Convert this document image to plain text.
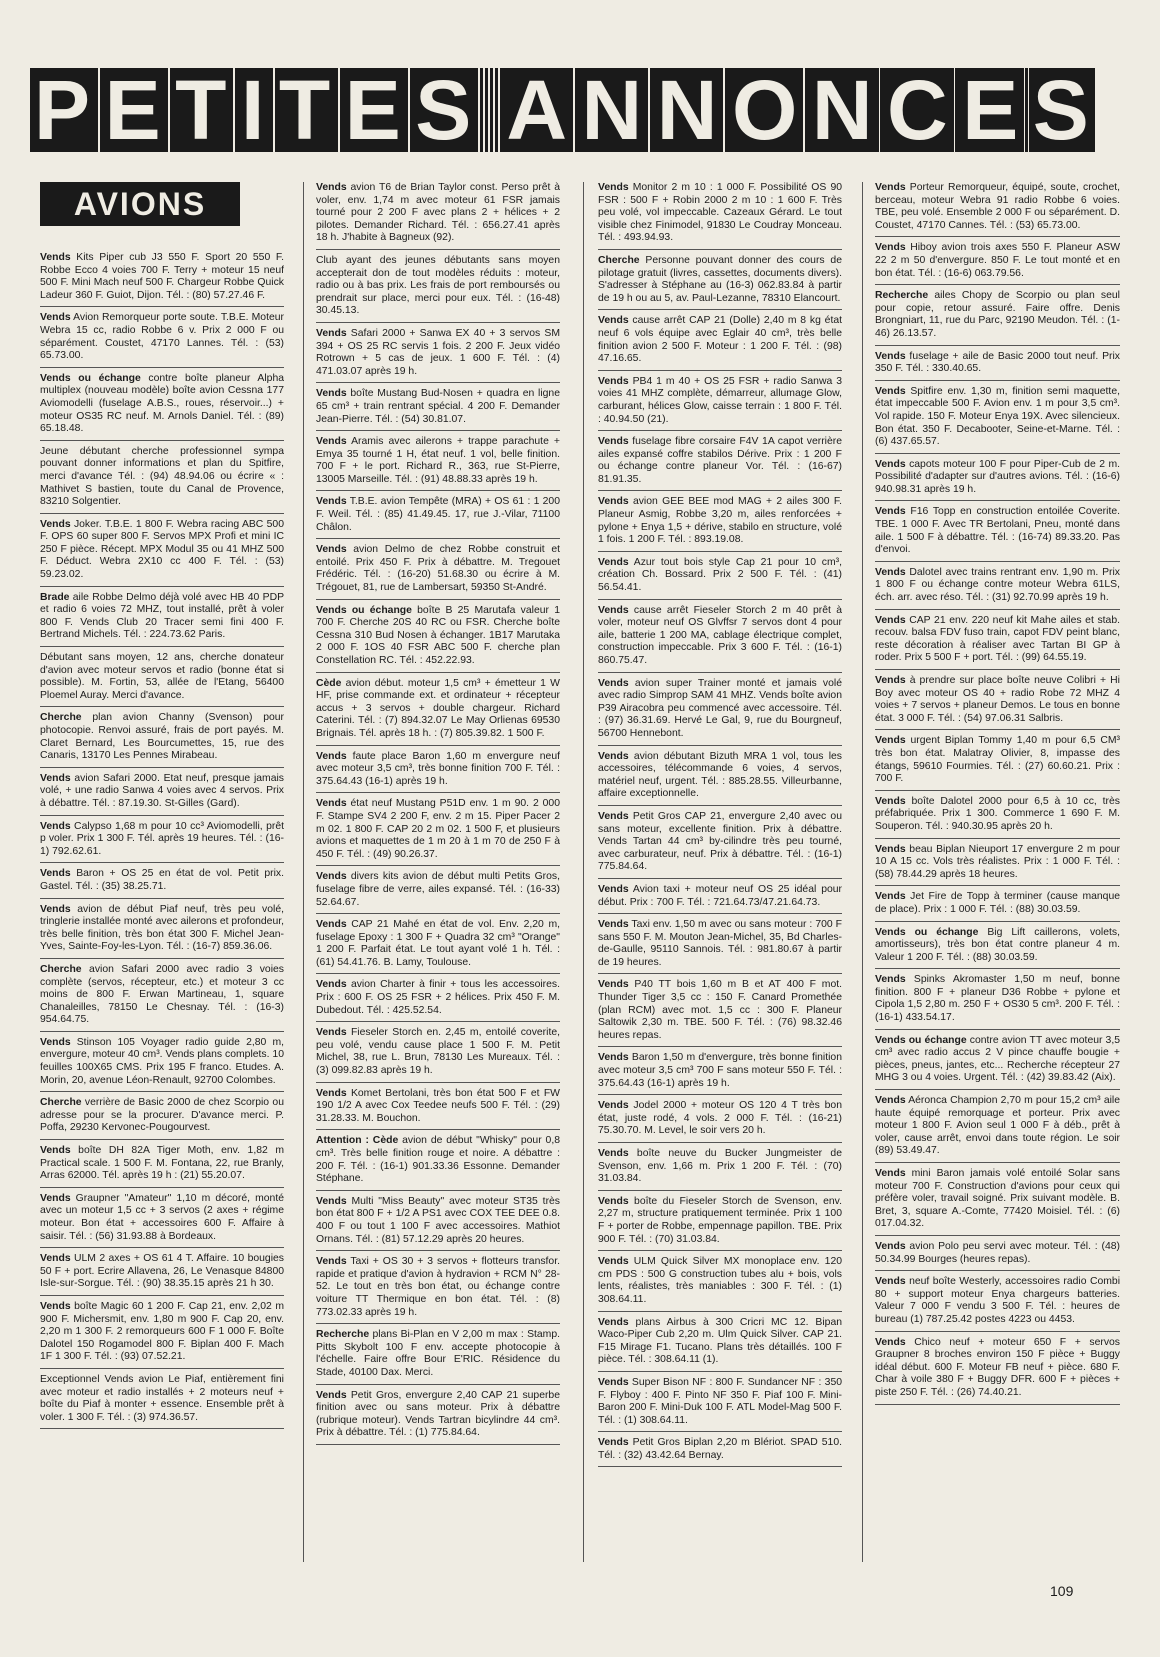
P E T I T E S A N N O N C E S
AVIONS
Vends Kits Piper cub J3 550 F. Sport 20 550 F. Robbe Ecco 4 voies 700 F. Terry + moteur 15 neuf 500 F. Mini Mach neuf 500 F. Chargeur Robbe Quick Ladeur 360 F. Guiot, Dijon. Tél. : (80) 57.27.46 F.
Vends Avion Remorqueur porte soute. T.B.E. Moteur Webra 15 cc, radio Robbe 6 v. Prix 2 000 F ou séparément. Coustet, 47170 Lannes. Tél. : (53) 65.73.00.
Vends ou échange contre boîte planeur Alpha multiplex (nouveau modèle) boîte avion Cessna 177 Aviomodelli (fuselage A.B.S., roues, réservoir...) + moteur OS35 RC neuf. M. Arnols Daniel. Tél. : (89) 65.18.48.
Jeune débutant cherche professionnel sympa pouvant donner informations et plan du Spitfire, merci d'avance Tél. : (94) 48.94.06 ou écrire « : Mathivet S bastien, toute du Canal de Provence, 83210 Solgentier.
Vends Joker. T.B.E. 1 800 F. Webra racing ABC 500 F. OPS 60 super 800 F. Servos MPX Profi et mini IC 250 F pièce. Récept. MPX Modul 35 ou 41 MHZ 500 F. Déduct. Webra 2X10 cc 400 F. Tél. : (53) 59.23.02.
Brade aile Robbe Delmo déjà volé avec HB 40 PDP et radio 6 voies 72 MHZ, tout installé, prêt à voler 800 F. Vends Club 20 Tracer semi fini 400 F. Bertrand Michels. Tél. : 224.73.62 Paris.
Débutant sans moyen, 12 ans, cherche donateur d'avion avec moteur servos et radio (bonne état si possible). M. Fortin, 53, allée de l'Etang, 56400 Ploemel Auray. Merci d'avance.
Cherche plan avion Channy (Svenson) pour photocopie. Renvoi assuré, frais de port payés. M. Claret Bernard, Les Bourcumettes, 15, rue des Canaris, 13170 Les Pennes Mirabeau.
Vends avion Safari 2000. Etat neuf, presque jamais volé, + une radio Sanwa 4 voies avec 4 servos. Prix à débattre. Tél. : 87.19.30. St-Gilles (Gard).
Vends Calypso 1,68 m pour 10 cc³ Aviomodelli, prêt p voler. Prix 1 300 F. Tél. après 19 heures. Tél. : (16-1) 792.62.61.
Vends Baron + OS 25 en état de vol. Petit prix. Gastel. Tél. : (35) 38.25.71.
Vends avion de début Piaf neuf, très peu volé, tringlerie installée monté avec ailerons et profondeur, très belle finition, très bon état 300 F. Michel Jean-Yves, Sainte-Foy-les-Lyon. Tél. : (16-7) 859.36.06.
Cherche avion Safari 2000 avec radio 3 voies complète (servos, récepteur, etc.) et moteur 3 cc moins de 800 F. Erwan Martineau, 1, square Chanaleilles, 78150 Le Chesnay. Tél. : (16-3) 954.64.75.
Vends Stinson 105 Voyager radio guide 2,80 m, envergure, moteur 40 cm³. Vends plans complets. 10 feuilles 100X65 CMS. Prix 195 F franco. Etudes. A. Morin, 20, avenue Léon-Renault, 92700 Colombes.
Cherche verrière de Basic 2000 de chez Scorpio ou adresse pour se la procurer. D'avance merci. P. Poffa, 29230 Kervonec-Pougourvest.
Vends boîte DH 82A Tiger Moth, env. 1,82 m Practical scale. 1 500 F. M. Fontana, 22, rue Branly, Arras 62000. Tél. après 19 h : (21) 55.20.07.
Vends Graupner "Amateur" 1,10 m décoré, monté avec un moteur 1,5 cc + 3 servos (2 axes + régime moteur. Bon état + accessoires 600 F. Affaire à saisir. Tél. : (56) 31.93.88 à Bordeaux.
Vends ULM 2 axes + OS 61 4 T. Affaire. 10 bougies 50 F + port. Ecrire Allavena, 26, Le Venasque 84800 Isle-sur-Sorgue. Tél. : (90) 38.35.15 après 21 h 30.
Vends boîte Magic 60 1 200 F. Cap 21, env. 2,02 m 900 F. Michersmit, env. 1,80 m 900 F. Cap 20, env. 2,20 m 1 300 F. 2 remorqueurs 600 F 1 000 F. Boîte Dalotel 150 Rogamodel 800 F. Biplan 400 F. Mach 1F 1 300 F. Tél. : (93) 07.52.21.
Exceptionnel Vends avion Le Piaf, entièrement fini avec moteur et radio installés + 2 moteurs neuf + boîte du Piaf à monter + essence. Ensemble prêt à voler. 1 300 F. Tél. : (3) 974.36.57.
Vends avion T6 de Brian Taylor const. Perso prêt à voler, env. 1,74 m avec moteur 61 FSR jamais tourné pour 2 200 F avec plans 2 + hélices + 2 pilotes. Demander Richard. Tél. : 656.27.41 après 18 h. J'habite à Bagneux (92).
Club ayant des jeunes débutants sans moyen accepterait don de tout modèles réduits : moteur, radio ou à bas prix. Les frais de port remboursés ou prendrait sur place, merci pour eux. Tél. : (16-48) 30.45.13.
Vends Safari 2000 + Sanwa EX 40 + 3 servos SM 394 + OS 25 RC servis 1 fois. 2 200 F. Jeux vidéo Rotrown + 5 cas de jeux. 1 600 F. Tél. : (4) 471.03.07 après 19 h.
Vends boîte Mustang Bud-Nosen + quadra en ligne 65 cm³ + train rentrant spécial. 4 200 F. Demander Jean-Pierre. Tél. : (54) 30.81.07.
Vends Aramis avec ailerons + trappe parachute + Emya 35 tourné 1 H, état neuf. 1 vol, belle finition. 700 F + le port. Richard R., 363, rue St-Pierre, 13005 Marseille. Tél. : (91) 48.88.33 après 19 h.
Vends T.B.E. avion Tempête (MRA) + OS 61 : 1 200 F. Weil. Tél. : (85) 41.49.45. 17, rue J.-Vilar, 71100 Châlon.
Vends avion Delmo de chez Robbe construit et entoilé. Prix 450 F. Prix à débattre. M. Tregouet Frédéric. Tél. : (16-20) 51.68.30 ou écrire à M. Trégouet, 81, rue de Lambersart, 59350 St-André.
Vends ou échange boîte B 25 Marutafa valeur 1 700 F. Cherche 20S 40 RC ou FSR. Cherche boîte Cessna 310 Bud Nosen à échanger. 1B17 Marutaka 2 000 F. 1OS 40 FSR ABC 500 F. cherche plan Constellation RC. Tél. : 452.22.93.
Cède avion début. moteur 1,5 cm³ + émetteur 1 W HF, prise commande ext. et ordinateur + récepteur accus + 3 servos + double chargeur. Richard Caterini. Tél. : (7) 894.32.07 Le May Orlienas 69530 Brignais. Tél. après 18 h. : (7) 805.39.82. 1 500 F.
Vends faute place Baron 1,60 m envergure neuf avec moteur 3,5 cm³, très bonne finition 700 F. Tél. : 375.64.43 (16-1) après 19 h.
Vends état neuf Mustang P51D env. 1 m 90. 2 000 F. Stampe SV4 2 200 F, env. 2 m 15. Piper Pacer 2 m 02. 1 800 F. CAP 20 2 m 02. 1 500 F, et plusieurs avions et maquettes de 1 m 20 à 1 m 70 de 250 F à 450 F. Tél. : (49) 90.26.37.
Vends divers kits avion de début multi Petits Gros, fuselage fibre de verre, ailes expansé. Tél. : (16-33) 52.64.67.
Vends CAP 21 Mahé en état de vol. Env. 2,20 m, fuselage Epoxy : 1 300 F + Quadra 32 cm³ "Orange" 1 200 F. Parfait état. Le tout ayant volé 1 h. Tél. : (61) 54.41.76. B. Lamy, Toulouse.
Vends avion Charter à finir + tous les accessoires. Prix : 600 F. OS 25 FSR + 2 hélices. Prix 450 F. M. Dubedout. Tél. : 425.52.54.
Vends Fieseler Storch en. 2,45 m, entoilé coverite, peu volé, vendu cause place 1 500 F. M. Petit Michel, 38, rue L. Brun, 78130 Les Mureaux. Tél. : (3) 099.82.83 après 19 h.
Vends Komet Bertolani, très bon état 500 F et FW 190 1/2 A avec Cox Teedee neufs 500 F. Tél. : (29) 31.28.33. M. Bouchon.
Attention : Cède avion de début "Whisky" pour 0,8 cm³. Très belle finition rouge et noire. A débattre : 200 F. Tél. : (16-1) 901.33.36 Essonne. Demander Stéphane.
Vends Multi "Miss Beauty" avec moteur ST35 très bon état 800 F + 1/2 A PS1 avec COX TEE DEE 0.8. 400 F ou tout 1 100 F avec accessoires. Mathiot Ornans. Tél. : (81) 57.12.29 après 20 heures.
Vends Taxi + OS 30 + 3 servos + flotteurs transfor. rapide et pratique d'avion à hydravion + RCM N° 28-52. Le tout en très bon état, ou échange contre voiture TT Thermique en bon état. Tél. : (8) 773.02.33 après 19 h.
Recherche plans Bi-Plan en V 2,00 m max : Stamp. Pitts Skybolt 100 F env. accepte photocopie à l'échelle. Faire offre Bour E'RIC. Résidence du Stade, 40100 Dax. Merci.
Vends Petit Gros, envergure 2,40 CAP 21 superbe finition avec ou sans moteur. Prix à débattre (rubrique moteur). Vends Tartran bicylindre 44 cm³. Prix à débattre. Tél. : (1) 775.84.64.
Vends Monitor 2 m 10 : 1 000 F. Possibilité OS 90 FSR : 500 F + Robin 2000 2 m 10 : 1 600 F. Très peu volé, vol impeccable. Cazeaux Gérard. Le tout visible chez Finimodel, 91830 Le Coudray Monceau. Tél. : 493.94.93.
Cherche Personne pouvant donner des cours de pilotage gratuit (livres, cassettes, documents divers). S'adresser à Stéphane au (16-3) 062.83.84 à partir de 19 h ou au 5, av. Paul-Lezanne, 78310 Elancourt.
Vends cause arrêt CAP 21 (Dolle) 2,40 m 8 kg état neuf 6 vols équipe avec Eglair 40 cm³, très belle finition avion 2 500 F. Moteur : 1 200 F. Tél. : (98) 47.16.65.
Vends PB4 1 m 40 + OS 25 FSR + radio Sanwa 3 voies 41 MHZ complète, démarreur, allumage Glow, carburant, hélices Glow, caisse terrain : 1 800 F. Tél. : 40.94.50 (21).
Vends fuselage fibre corsaire F4V 1A capot verrière ailes expansé coffre stabilos Dérive. Prix : 1 200 F ou échange contre planeur Vor. Tél. : (16-67) 81.91.35.
Vends avion GEE BEE mod MAG + 2 ailes 300 F. Planeur Asmig, Robbe 3,20 m, ailes renforcées + pylone + Enya 1,5 + dérive, stabilo en structure, volé 1 fois. 1 200 F. Tél. : 893.19.08.
Vends Azur tout bois style Cap 21 pour 10 cm³, création Ch. Bossard. Prix 2 500 F. Tél. : (41) 56.54.41.
Vends cause arrêt Fieseler Storch 2 m 40 prêt à voler, moteur neuf OS Glvffsr 7 servos dont 4 pour aile, batterie 1 200 MA, cablage électrique complet, construction impeccable. Prix 3 600 F. Tél. : (16-1) 860.75.47.
Vends avion super Trainer monté et jamais volé avec radio Simprop SAM 41 MHZ. Vends boîte avion P39 Airacobra peu commencé avec accessoire. Tél. : (97) 36.31.69. Hervé Le Gal, 9, rue du Bourgneuf, 56700 Hennebont.
Vends avion débutant Bizuth MRA 1 vol, tous les accessoires, télécommande 6 voies, 4 servos, matériel neuf, urgent. Tél. : 885.28.55. Villeurbanne, affaire exceptionnelle.
Vends Petit Gros CAP 21, envergure 2,40 avec ou sans moteur, excellente finition. Prix à débattre. Vends Tartan 44 cm³ by-cilindre très peu tourné, avec carburateur, neuf. Prix à débattre. Tél. : (16-1) 775.84.64.
Vends Avion taxi + moteur neuf OS 25 idéal pour début. Prix : 700 F. Tél. : 721.64.73/47.21.64.73.
Vends Taxi env. 1,50 m avec ou sans moteur : 700 F sans 550 F. M. Mouton Jean-Michel, 35, Bd Charles-de-Gaulle, 95110 Sannois. Tél. : 981.80.67 à partir de 19 heures.
Vends P40 TT bois 1,60 m B et AT 400 F mot. Thunder Tiger 3,5 cc : 150 F. Canard Promethée (plan RCM) avec mot. 1,5 cc : 300 F. Planeur Saltowik 2,30 m. TBE. 500 F. Tél. : (76) 98.32.46 heures repas.
Vends Baron 1,50 m d'envergure, très bonne finition avec moteur 3,5 cm³ 700 F sans moteur 550 F. Tél. : 375.64.43 (16-1) après 19 h.
Vends Jodel 2000 + moteur OS 120 4 T très bon état, juste rodé, 4 vols. 2 000 F. Tél. : (16-21) 75.30.70. M. Level, le soir vers 20 h.
Vends boîte neuve du Bucker Jungmeister de Svenson, env. 1,66 m. Prix 1 200 F. Tél. : (70) 31.03.84.
Vends boîte du Fieseler Storch de Svenson, env. 2,27 m, structure pratiquement terminée. Prix 1 100 F + porter de Robbe, empennage papillon. TBE. Prix 900 F. Tél. : (70) 31.03.84.
Vends ULM Quick Silver MX monoplace env. 120 cm PDS : 500 G construction tubes alu + bois, vols lents, réalistes, très maniables : 300 F. Tél. : (1) 308.64.11.
Vends plans Airbus à 300 Cricri MC 12. Bipan Waco-Piper Cub 2,20 m. Ulm Quick Silver. CAP 21. F15 Mirage F1. Tucano. Plans très détaillés. 100 F pièce. Tél. : 308.64.11 (1).
Vends Super Bison NF : 800 F. Sundancer NF : 350 F. Flyboy : 400 F. Pinto NF 350 F. Piaf 100 F. Mini-Baron 200 F. Mini-Duk 100 F. ATL Model-Mag 500 F. Tél. : (1) 308.64.11.
Vends Petit Gros Biplan 2,20 m Blériot. SPAD 510. Tél. : (32) 43.42.64 Bernay.
Vends Porteur Remorqueur, équipé, soute, crochet, berceau, moteur Webra 91 radio Robbe 6 voies. TBE, peu volé. Ensemble 2 000 F ou séparément. D. Coustet, 47170 Cannes. Tél. : (53) 65.73.00.
Vends Hiboy avion trois axes 550 F. Planeur ASW 22 2 m 50 d'envergure. 850 F. Le tout monté et en bon état. Tél. : (16-6) 063.79.56.
Recherche ailes Chopy de Scorpio ou plan seul pour copie, retour assuré. Faire offre. Denis Brongniart, 11, rue du Parc, 92190 Meudon. Tél. : (1-46) 26.13.57.
Vends fuselage + aile de Basic 2000 tout neuf. Prix 350 F. Tél. : 330.40.65.
Vends Spitfire env. 1,30 m, finition semi maquette, état impeccable 500 F. Avion env. 1 m pour 3,5 cm³. Vol rapide. 150 F. Moteur Enya 19X. Avec silencieux. Bon état. 350 F. Decabooter, Seine-et-Marne. Tél. : (6) 437.65.57.
Vends capots moteur 100 F pour Piper-Cub de 2 m. Possibilité d'adapter sur d'autres avions. Tél. : (16-6) 940.98.31 après 19 h.
Vends F16 Topp en construction entoilée Coverite. TBE. 1 000 F. Avec TR Bertolani, Pneu, monté dans aile. 1 500 F à débattre. Tél. : (16-74) 89.33.20. Pas d'envoi.
Vends Dalotel avec trains rentrant env. 1,90 m. Prix 1 800 F ou échange contre moteur Webra 61LS, éch. arr. avec réso. Tél. : (31) 92.70.99 après 19 h.
Vends CAP 21 env. 220 neuf kit Mahe ailes et stab. recouv. balsa FDV fuso train, capot FDV peint blanc, reste décoration à réaliser avec Tartan BI GP à roder. Prix 5 500 F + port. Tél. : (99) 64.55.19.
Vends à prendre sur place boîte neuve Colibri + Hi Boy avec moteur OS 40 + radio Robe 72 MHZ 4 voies + 7 servos + planeur Demos. Le tous en bonne état. 3 000 F. Tél. : (54) 97.06.31 Salbris.
Vends urgent Biplan Tommy 1,40 m pour 6,5 CM³ très bon état. Malatray Olivier, 8, impasse des étangs, 59610 Fourmies. Tél. : (27) 60.60.21. Prix : 700 F.
Vends boîte Dalotel 2000 pour 6,5 à 10 cc, très préfabriquée. Prix 1 300. Commerce 1 690 F. M. Souperon. Tél. : 940.30.95 après 20 h.
Vends beau Biplan Nieuport 17 envergure 2 m pour 10 A 15 cc. Vols très réalistes. Prix : 1 000 F. Tél. : (58) 78.44.29 après 18 heures.
Vends Jet Fire de Topp à terminer (cause manque de place). Prix : 1 000 F. Tél. : (88) 30.03.59.
Vends ou échange Big Lift caillerons, volets, amortisseurs), très bon état contre planeur 4 m. Valeur 1 200 F. Tél. : (88) 30.03.59.
Vends Spinks Akromaster 1,50 m neuf, bonne finition. 800 F + planeur D36 Robbe + pylone et Cipola 1,5 2,80 m. 250 F + OS30 5 cm³. 200 F. Tél. : (16-1) 433.54.17.
Vends ou échange contre avion TT avec moteur 3,5 cm³ avec radio accus 2 V pince chauffe bougie + pièces, pneus, jantes, etc... Recherche récepteur 27 MHG 3 ou 4 voies. Urgent. Tél. : (42) 39.83.42 (Aix).
Vends Aéronca Champion 2,70 m pour 15,2 cm³ aile haute équipé remorquage et porteur. Prix avec moteur 1 800 F. Avion seul 1 000 F à déb., prêt à voler, cause arrêt, envoi dans toute région. Le soir (89) 53.49.47.
Vends mini Baron jamais volé entoilé Solar sans moteur 700 F. Construction d'avions pour ceux qui préfère voler, travail soigné. Prix suivant modèle. B. Bret, 3, square A.-Comte, 77420 Moisiel. Tél. : (6) 017.04.32.
Vends avion Polo peu servi avec moteur. Tél. : (48) 50.34.99 Bourges (heures repas).
Vends neuf boîte Westerly, accessoires radio Combi 80 + support moteur Enya chargeurs batteries. Valeur 7 000 F vendu 3 500 F. Tél. : heures de bureau (1) 787.25.42 postes 4223 ou 4453.
Vends Chico neuf + moteur 650 F + servos Graupner 8 broches environ 150 F pièce + Buggy idéal début. 600 F. Moteur FB neuf + pièce. 680 F. Char à voile 380 F + Buggy DFR. 600 F + pièces + piste 250 F. Tél. : (26) 74.40.21.
109
